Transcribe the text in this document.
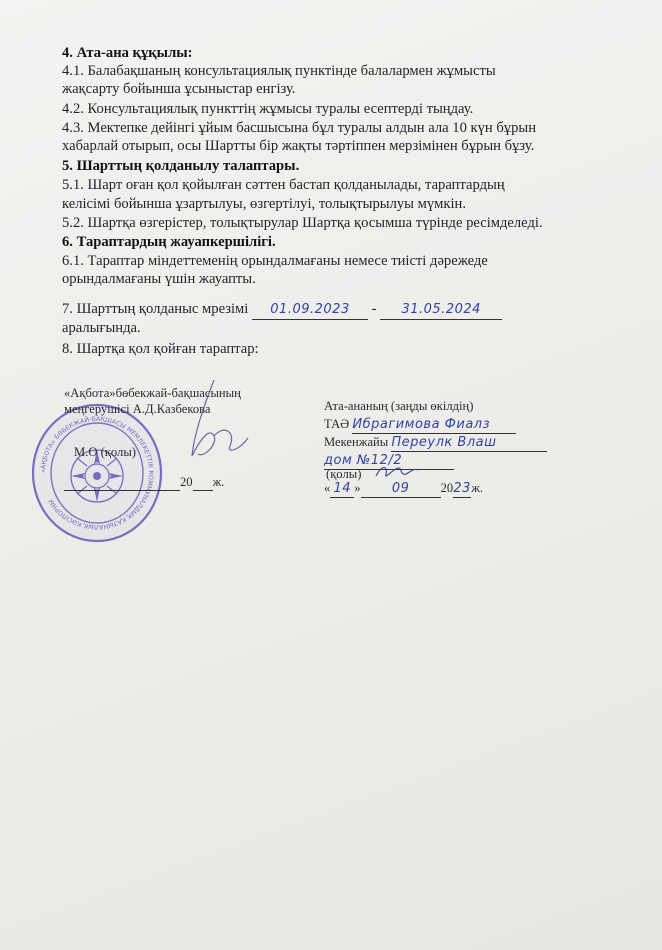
4. Ата-ана құқылы:
4.1. Балабақшаның консультациялық пунктінде балалармен жұмысты
жақсарту бойынша ұсыныстар енгізу.
4.2. Консультациялық пункттің жұмысы туралы есептерді тыңдау.
4.3. Мектепке дейінгі ұйым басшысына бұл туралы алдын ала 10 күн бұрын
хабарлай отырып, осы Шартты бір жақты тәртіппен мерзімінен бұрын бұзу.
5. Шарттың қолданылу талаптары.
5.1. Шарт оған қол қойылған сәттен бастап қолданылады, тараптардың
келісімі бойынша ұзартылуы, өзгертілуі, толықтырылуы мүмкін.
5.2. Шартқа өзгерістер, толықтырулар Шартқа қосымша түрінде ресімделеді.
6. Тараптардың жауапкершілігі.
6.1. Тараптар міндеттеменің орындалмағаны немесе тиісті дәрежеде
орындалмағаны үшін жауапты.
7. Шарттың қолданыс мрезімі 01.09.2023 - 31.05.2024
аралығында.
8. Шартқа қол қойған тараптар:
«АҚБОТА» БӨБЕКЖАЙ-БАҚШАСЫ МЕМЛЕКЕТТІК КОММУНАЛДЫҚ ҚАЗЫНАЛЫҚ КӘСІПОРНЫ
«Ақбота»бөбекжай-бақшасының
меңгерушісі А.Д.Казбекова
М.О (қолы)
20 ж.
Ата-ананың (заңды өкілдің)
ТАӘ Ибрагимова Фиалз
Мекенжайы Переулк Влаш
дом №12/2
(қолы)
« 14 » 09 2023ж.
